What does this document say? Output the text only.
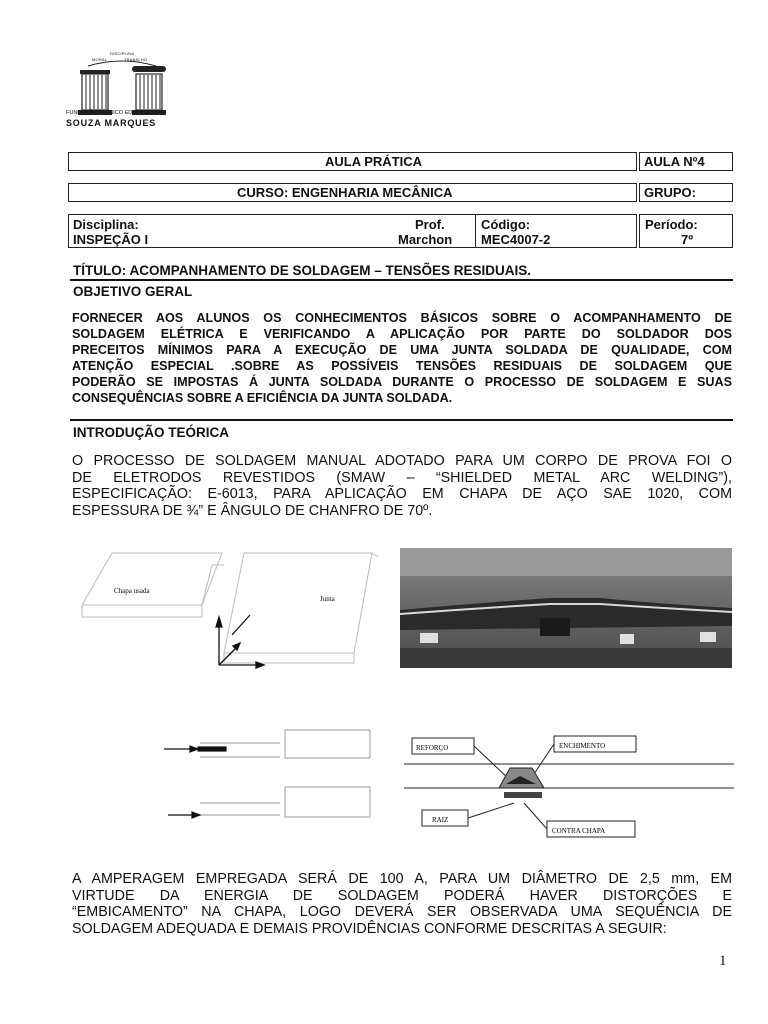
DISCIPLINA
MORAL	TRABALHO
FUNDAÇÃO TÉCNICO EDUCACIONAL
SOUZA MARQUES
AULA PRÁTICA	AULA Nº4
CURSO: ENGENHARIA MECÂNICA	GRUPO:
Disciplina:
INSPEÇÃO I
Prof.
Marchon
Código:
MEC4007-2
Período:
7º
TÍTULO: ACOMPANHAMENTO DE SOLDAGEM – TENSÕES RESIDUAIS.
OBJETIVO GERAL

FORNECER AOS ALUNOS OS CONHECIMENTOS BÁSICOS SOBRE O ACOMPANHAMENTO DE
SOLDAGEM ELÉTRICA E VERIFICANDO A APLICAÇÃO POR PARTE DO SOLDADOR DOS
PRECEITOS MÍNIMOS PARA A EXECUÇÃO DE UMA JUNTA SOLDADA DE QUALIDADE, COM
ATENÇÃO ESPECIAL .SOBRE AS POSSÍVEIS TENSÕES RESIDUAIS DE SOLDAGEM QUE
PODERÃO SE IMPOSTAS Á JUNTA SOLDADA DURANTE O PROCESSO DE SOLDAGEM E SUAS
CONSEQUÊNCIAS SOBRE A EFICIÊNCIA DA JUNTA SOLDADA.

INTRODUÇÃO TEÓRICA

O PROCESSO DE SOLDAGEM MANUAL ADOTADO PARA UM CORPO DE PROVA FOI O
DE ELETRODOS REVESTIDOS (SMAW – “SHIELDED METAL ARC WELDING”),
ESPECIFICAÇÃO: E-6013, PARA APLICAÇÃO EM CHAPA DE AÇO SAE 1020, COM
ESPESSURA DE ¾” E ÂNGULO DE CHANFRO DE 70º.

Chapa usada
Junta
REFORÇO	ENCHIMENTO
RAIZ
CONTRA CHAPA

A AMPERAGEM EMPREGADA SERÁ DE 100 A, PARA UM DIÂMETRO DE 2,5 mm, EM
VIRTUDE DA ENERGIA DE SOLDAGEM PODERÁ HAVER DISTORÇÕES E
“EMBICAMENTO” NA CHAPA, LOGO DEVERÁ SER OBSERVADA UMA SEQUÊNCIA DE
SOLDAGEM ADEQUADA E DEMAIS PROVIDÊNCIAS CONFORME DESCRITAS A SEGUIR:

1
